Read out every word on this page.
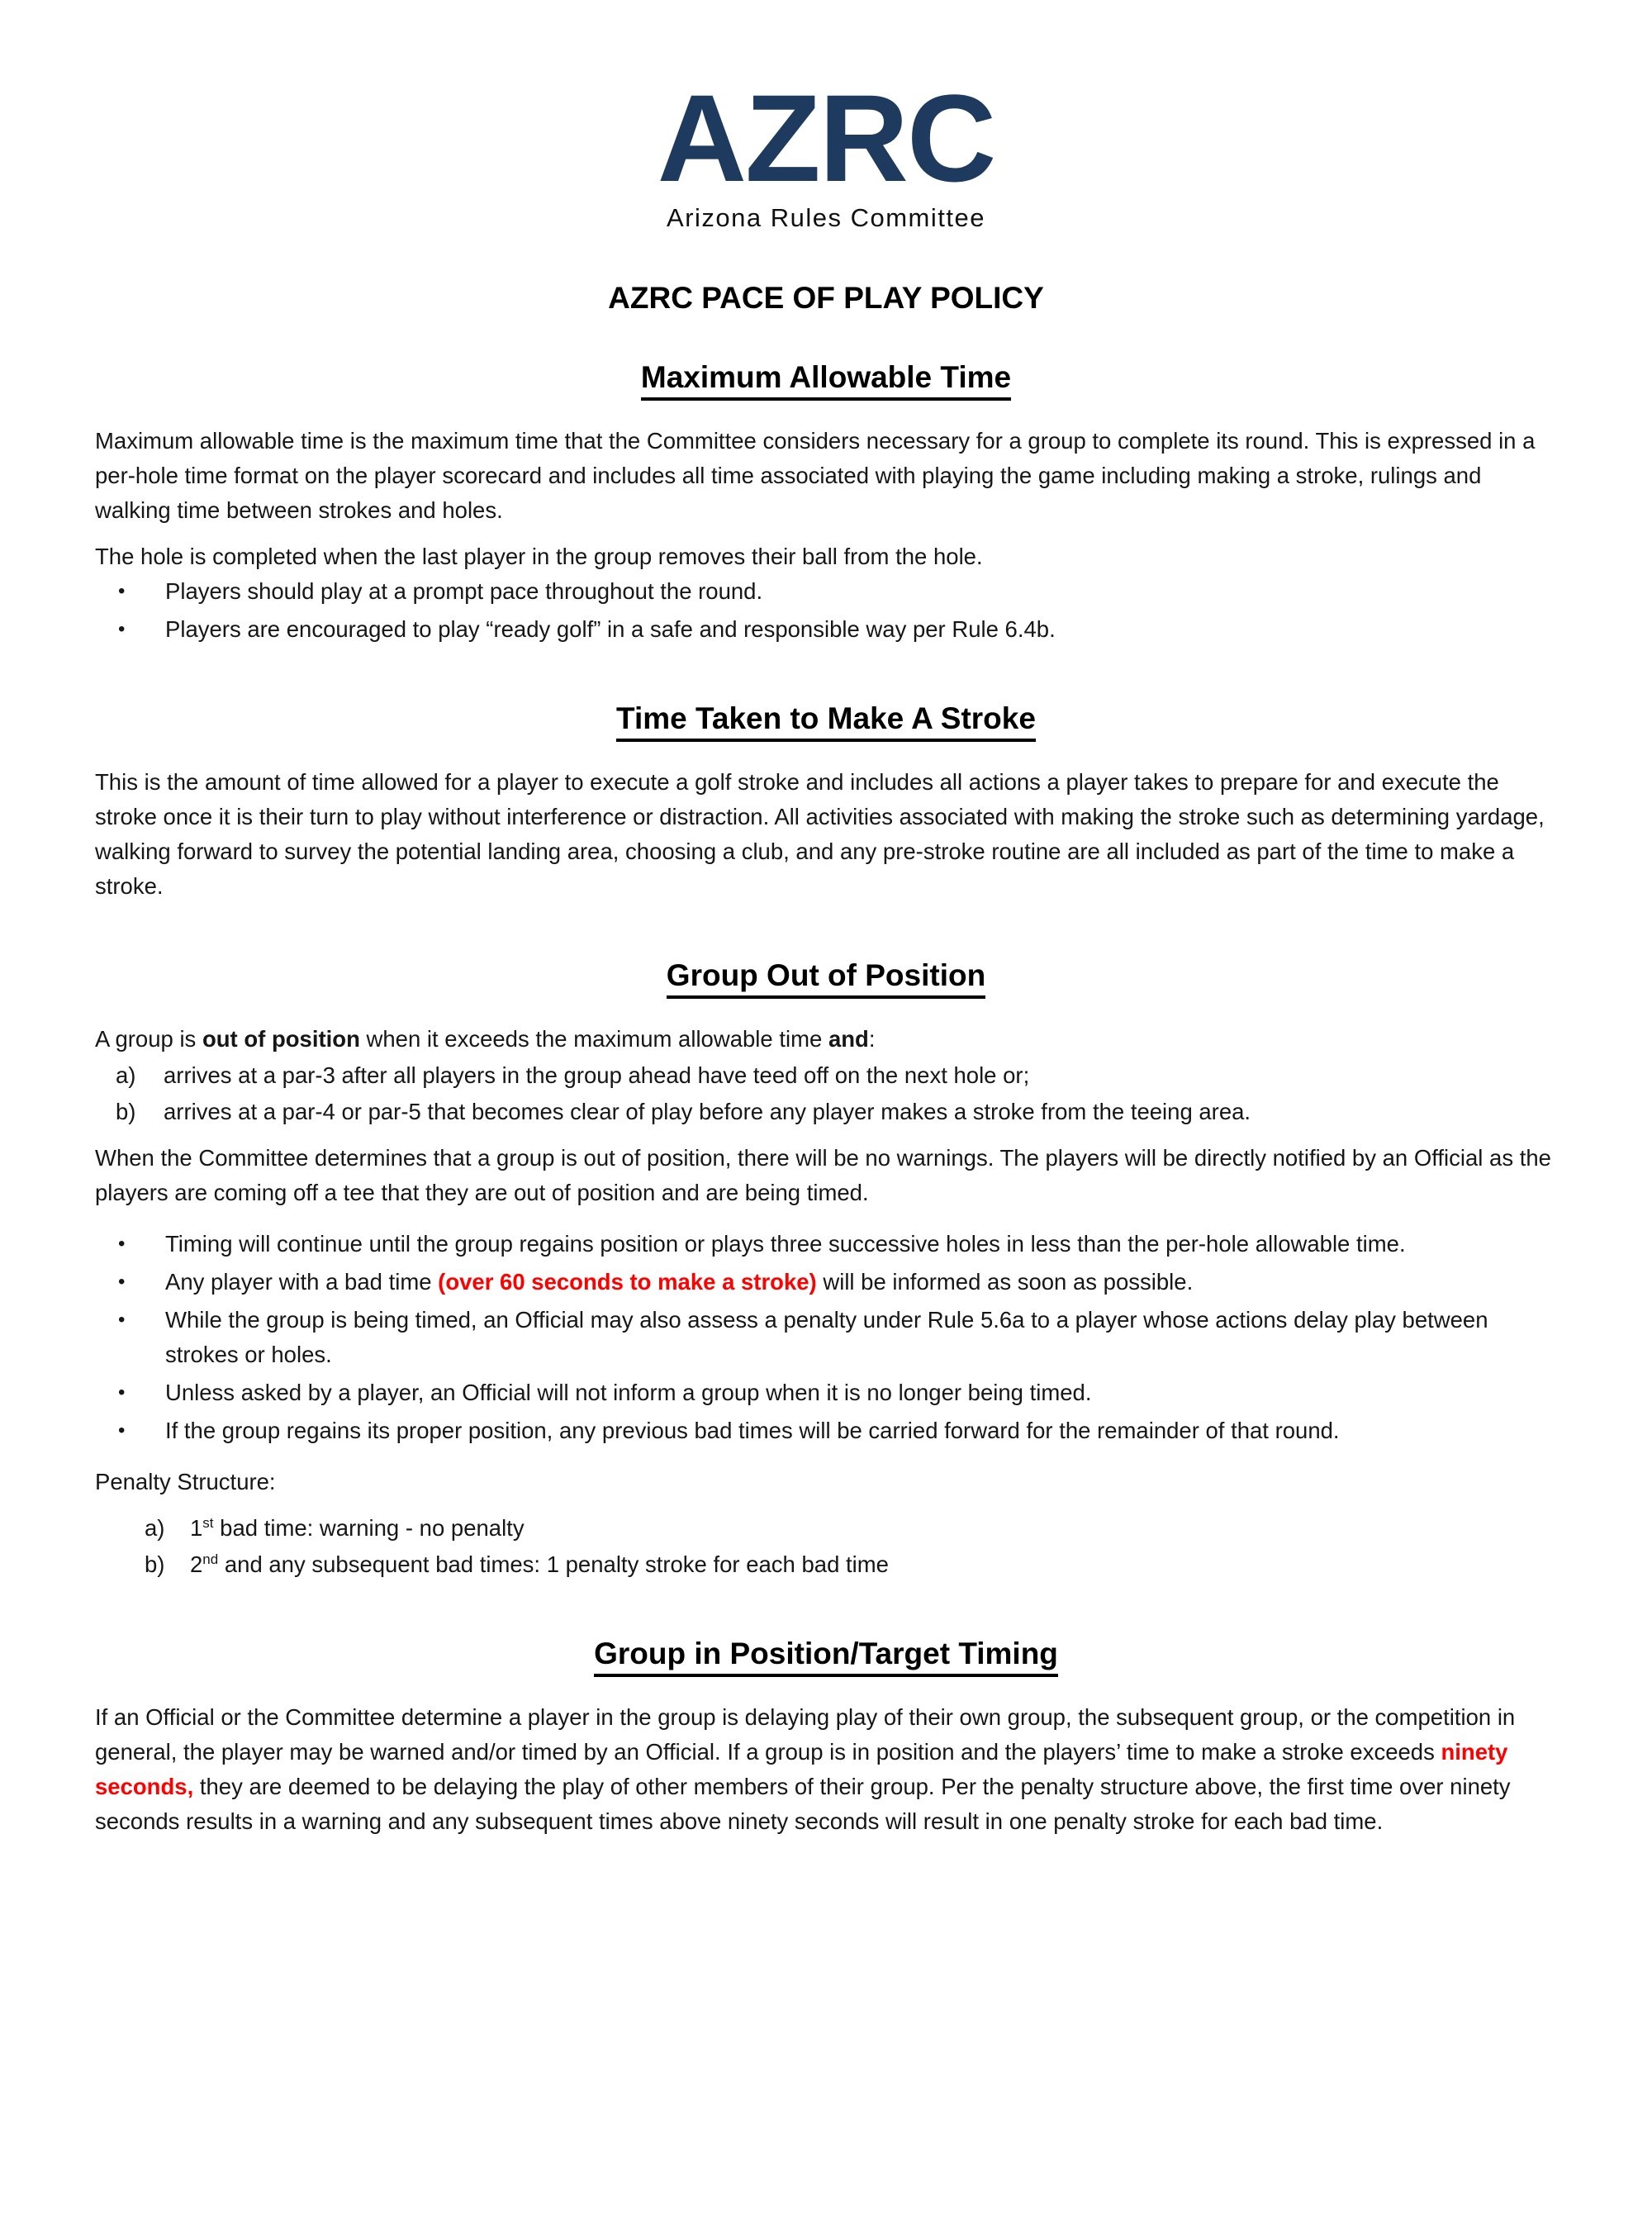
AZRC
Arizona Rules Committee
AZRC PACE OF PLAY POLICY
Maximum Allowable Time

Maximum allowable time is the maximum time that the Committee considers necessary for a group to complete its round. This is expressed in a per-hole time format on the player scorecard and includes all time associated with playing the game including making a stroke, rulings and walking time between strokes and holes.

The hole is completed when the last player in the group removes their ball from the hole.

•	Players should play at a prompt pace throughout the round.
•	Players are encouraged to play “ready golf” in a safe and responsible way per Rule 6.4b.
Time Taken to Make A Stroke

This is the amount of time allowed for a player to execute a golf stroke and includes all actions a player takes to prepare for and execute the stroke once it is their turn to play without interference or distraction. All activities associated with making the stroke such as determining yardage, walking forward to survey the potential landing area, choosing a club, and any pre-stroke routine are all included as part of the time to make a stroke.

Group Out of Position

A group is out of position when it exceeds the maximum allowable time and:

a)	arrives at a par-3 after all players in the group ahead have teed off on the next hole or;
b)	arrives at a par-4 or par-5 that becomes clear of play before any player makes a stroke from the teeing area.

When the Committee determines that a group is out of position, there will be no warnings. The players will be directly notified by an Official as the players are coming off a tee that they are out of position and are being timed.

•	Timing will continue until the group regains position or plays three successive holes in less than the per-hole allowable time.
•	Any player with a bad time (over 60 seconds to make a stroke) will be informed as soon as possible.
•	While the group is being timed, an Official may also assess a penalty under Rule 5.6a to a player whose actions delay play between strokes or holes.
•	Unless asked by a player, an Official will not inform a group when it is no longer being timed.
•	If the group regains its proper position, any previous bad times will be carried forward for the remainder of that round.

Penalty Structure:

a)	1st bad time: warning - no penalty
b)	2nd and any subsequent bad times: 1 penalty stroke for each bad time
Group in Position/Target Timing

If an Official or the Committee determine a player in the group is delaying play of their own group, the subsequent group, or the competition in general, the player may be warned and/or timed by an Official. If a group is in position and the players’ time to make a stroke exceeds ninety seconds, they are deemed to be delaying the play of other members of their group. Per the penalty structure above, the first time over ninety seconds results in a warning and any subsequent times above ninety seconds will result in one penalty stroke for each bad time.
